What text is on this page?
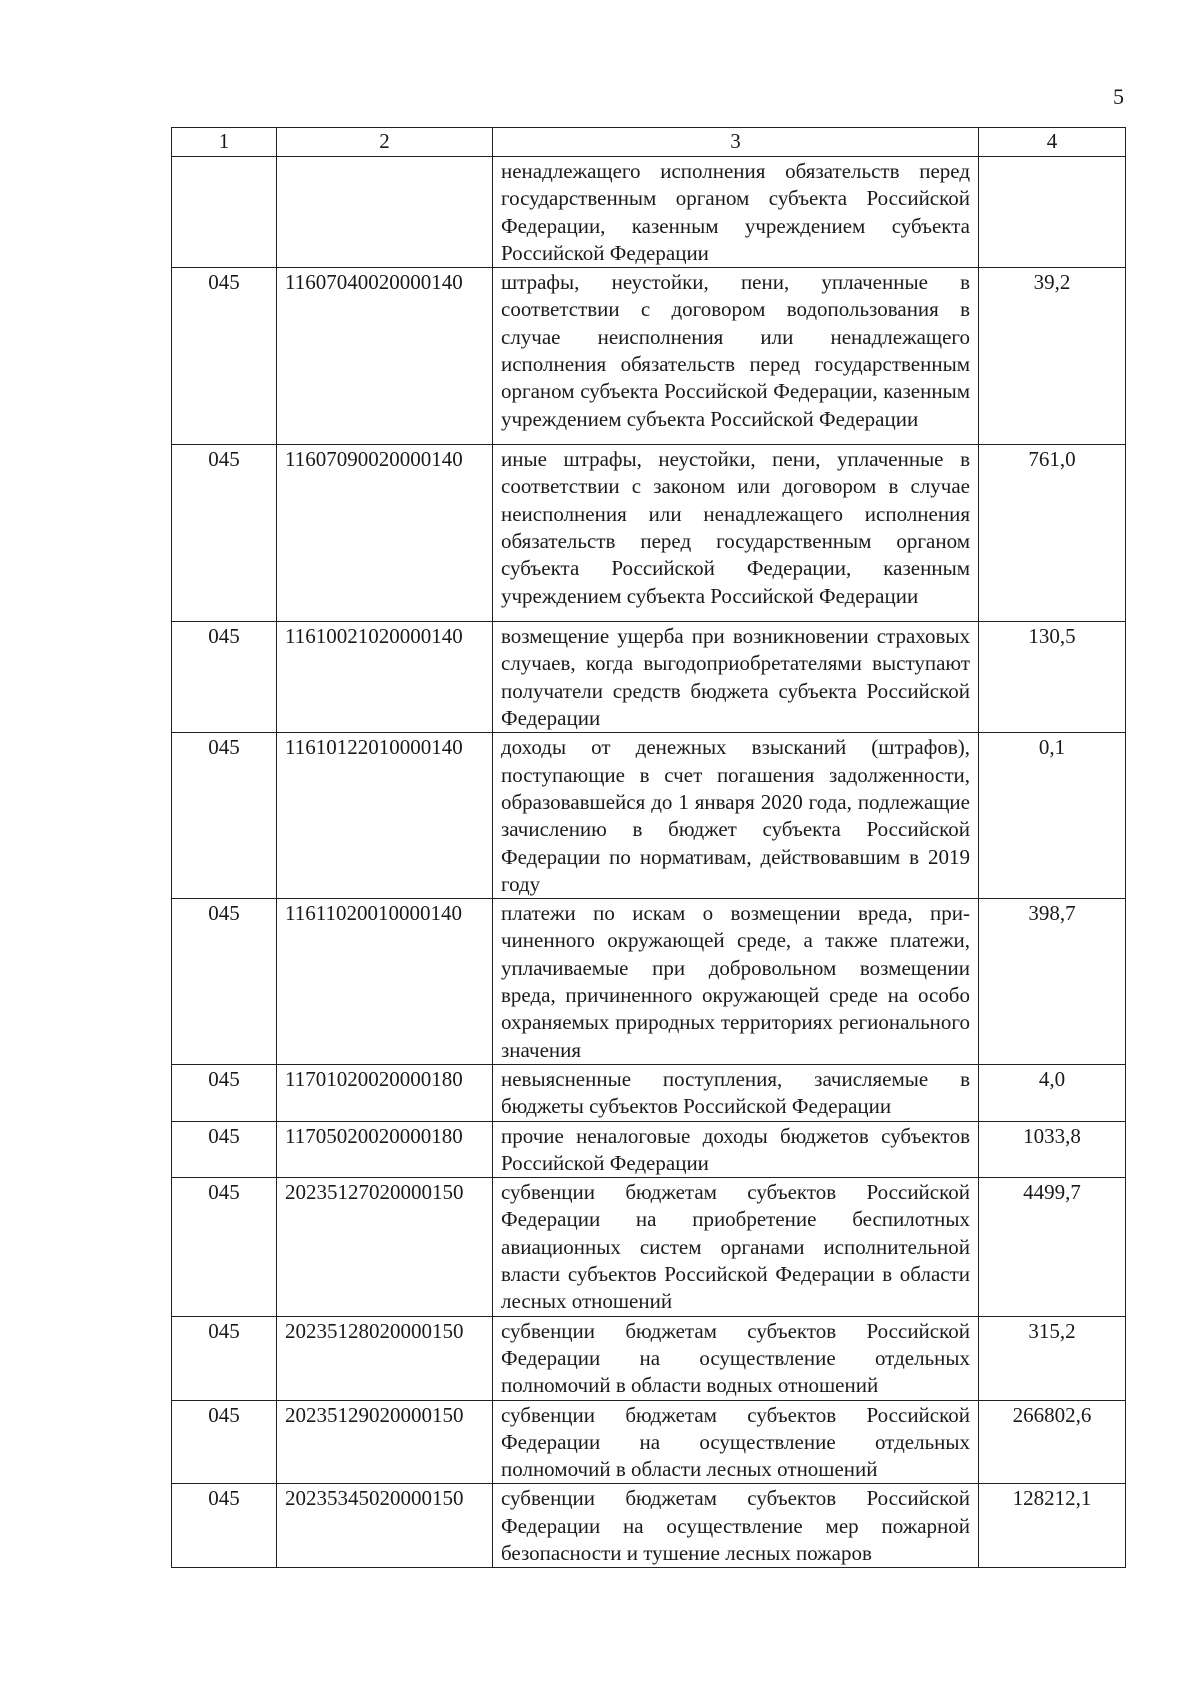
5
1	2	3	4
		ненадлежащего исполнения обязательств перед государственным органом субъекта Российской Федерации, казенным учреждением субъекта Российской Федерации	
045	11607040020000140	штрафы, неустойки, пени, уплаченные в соответствии с договором водопользования в случае неисполнения или ненадлежащего исполнения обязательств перед государственным органом субъекта Российской Федерации, казенным учреждением субъекта Российской Федерации	39,2
045	11607090020000140	иные штрафы, неустойки, пени, уплаченные в соответствии с законом или договором в случае неисполнения или ненадлежащего исполнения обязательств перед государственным органом субъекта Российской Федерации, казенным учреждением субъекта Российской Федерации	761,0
045	11610021020000140	возмещение ущерба при возникновении страховых случаев, когда выгодоприобретателями выступают получатели средств бюджета субъекта Российской Федерации	130,5
045	11610122010000140	доходы от денежных взысканий (штрафов), поступающие в счет погашения задолженности, образовавшейся до 1 января 2020 года, подлежащие зачислению в бюджет субъекта Российской Федерации по нормативам, действовавшим в 2019 году	0,1
045	11611020010000140	платежи по искам о возмещении вреда, причиненного окружающей среде, а также платежи, уплачиваемые при добровольном возмещении вреда, причиненного окружающей среде на особо охраняемых природных территориях регионального значения	398,7
045	11701020020000180	невыясненные поступления, зачисляемые в бюджеты субъектов Российской Федерации	4,0
045	11705020020000180	прочие неналоговые доходы бюджетов субъектов Российской Федерации	1033,8
045	20235127020000150	субвенции бюджетам субъектов Российской Федерации на приобретение беспилотных авиационных систем органами исполнительной власти субъектов Российской Федерации в области лесных отношений	4499,7
045	20235128020000150	субвенции бюджетам субъектов Российской Федерации на осуществление отдельных полномочий в области водных отношений	315,2
045	20235129020000150	субвенции бюджетам субъектов Российской Федерации на осуществление отдельных полномочий в области лесных отношений	266802,6
045	20235345020000150	субвенции бюджетам субъектов Российской Федерации на осуществление мер пожарной безопасности и тушение лесных пожаров	128212,1
